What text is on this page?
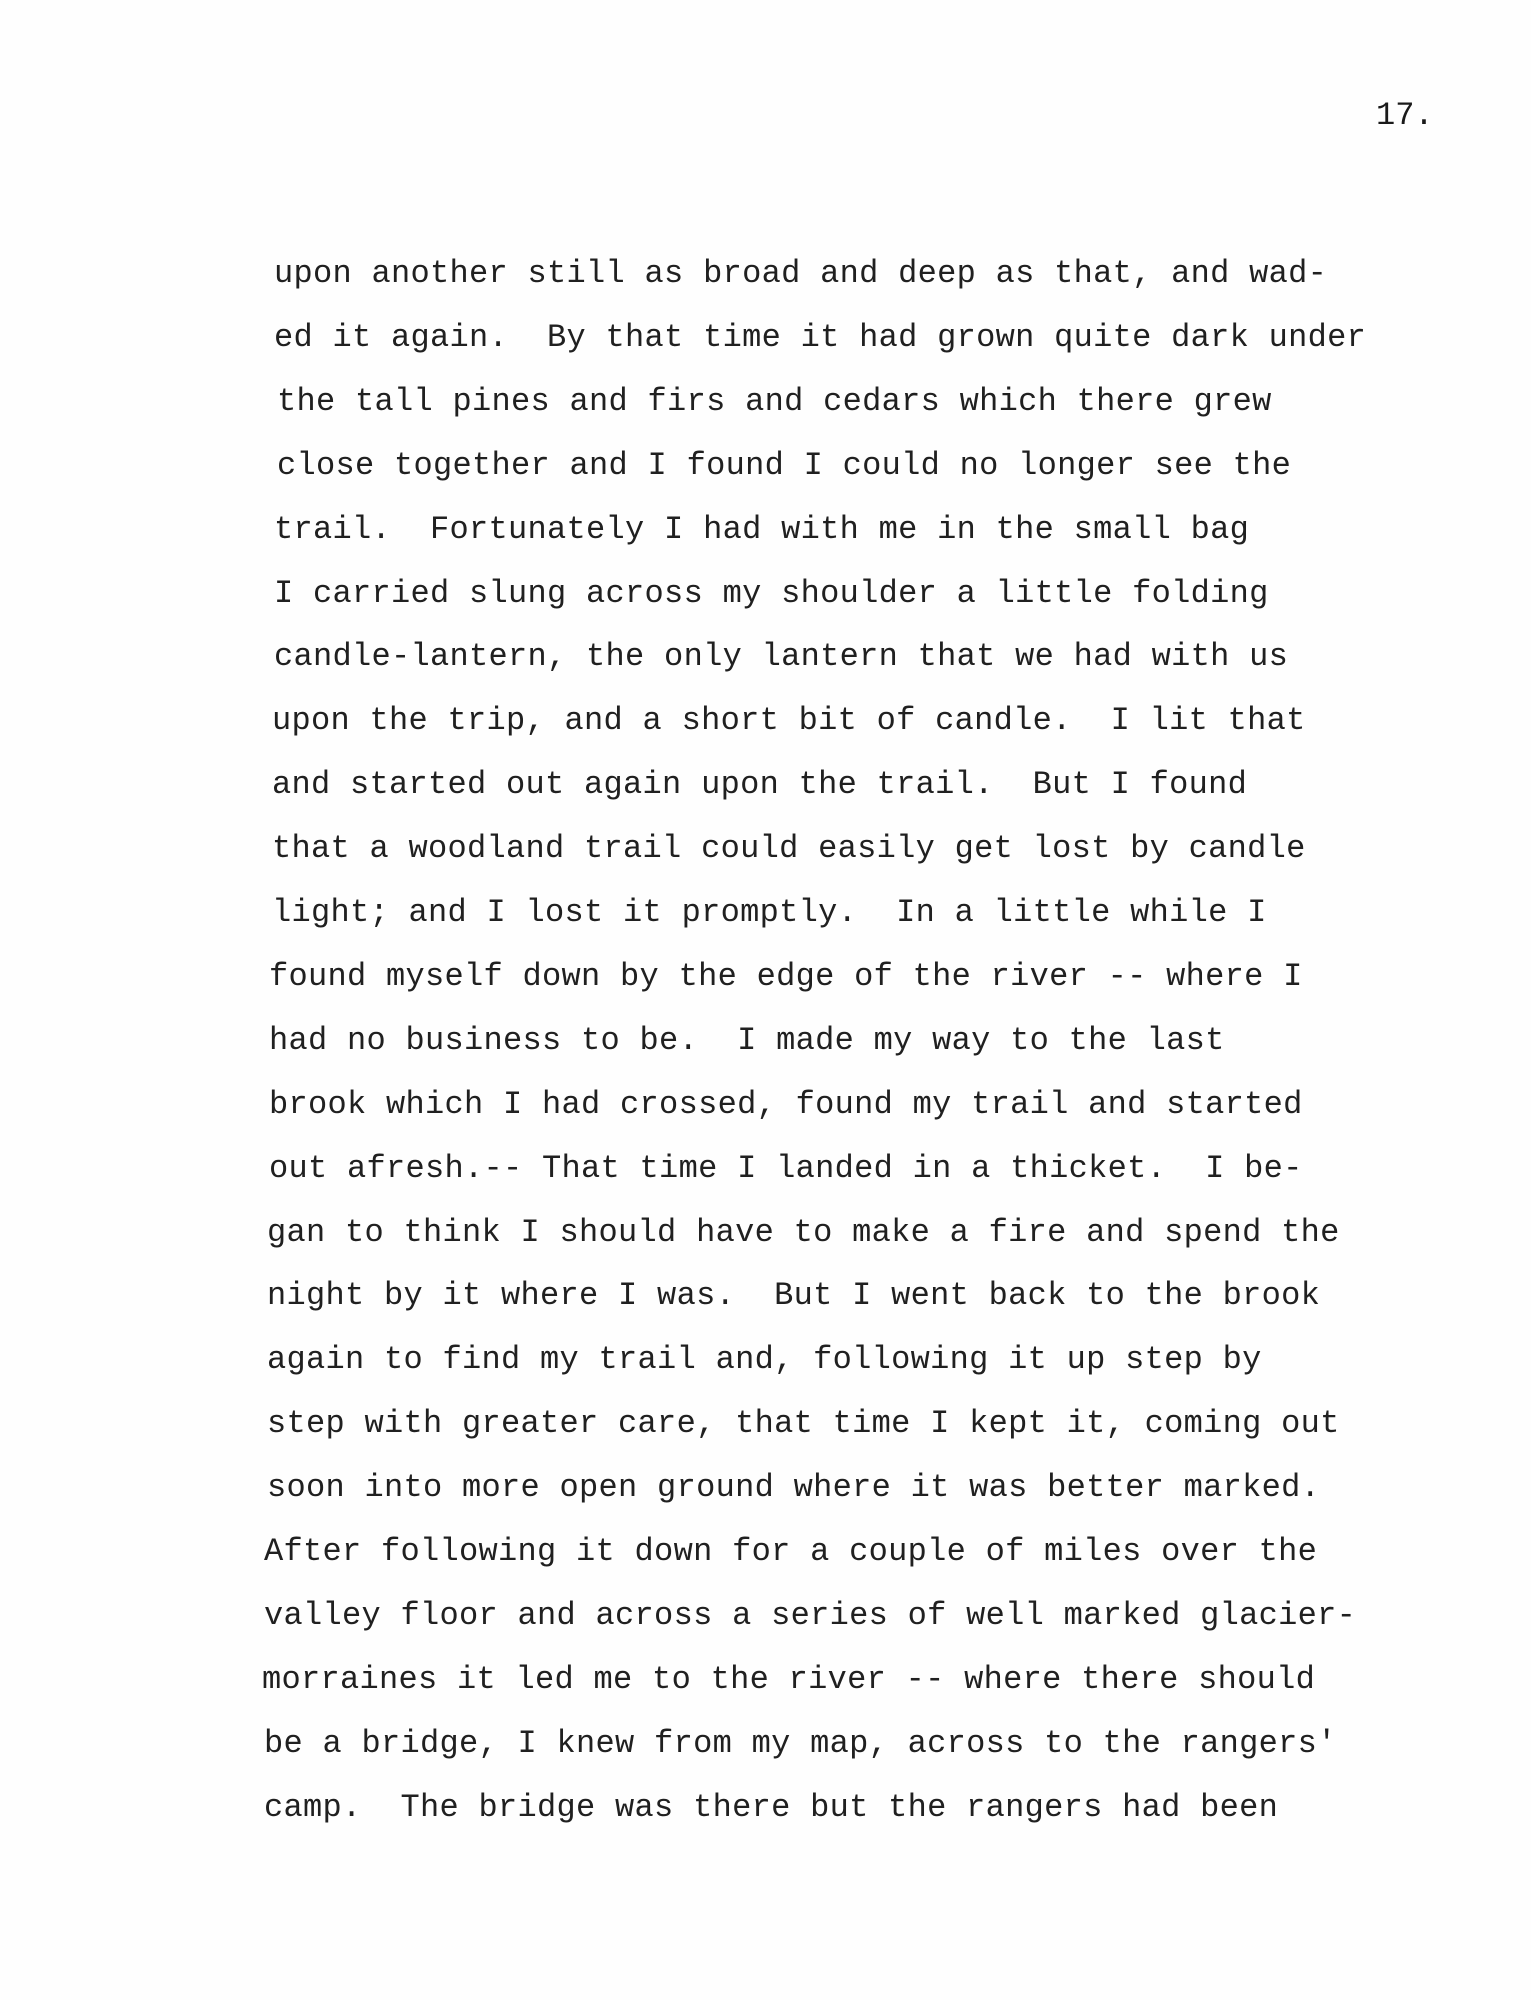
17.
upon another still as broad and deep as that, and wad-
ed it again.  By that time it had grown quite dark under
the tall pines and firs and cedars which there grew
close together and I found I could no longer see the
trail.  Fortunately I had with me in the small bag
I carried slung across my shoulder a little folding
candle-lantern, the only lantern that we had with us
upon the trip, and a short bit of candle.  I lit that
and started out again upon the trail.  But I found
that a woodland trail could easily get lost by candle
light; and I lost it promptly.  In a little while I
found myself down by the edge of the river -- where I
had no business to be.  I made my way to the last
brook which I had crossed, found my trail and started
out afresh.-- That time I landed in a thicket.  I be-
gan to think I should have to make a fire and spend the
night by it where I was.  But I went back to the brook
again to find my trail and, following it up step by
step with greater care, that time I kept it, coming out
soon into more open ground where it was better marked.
After following it down for a couple of miles over the
valley floor and across a series of well marked glacier-
morraines it led me to the river -- where there should
be a bridge, I knew from my map, across to the rangers'
camp.  The bridge was there but the rangers had been
